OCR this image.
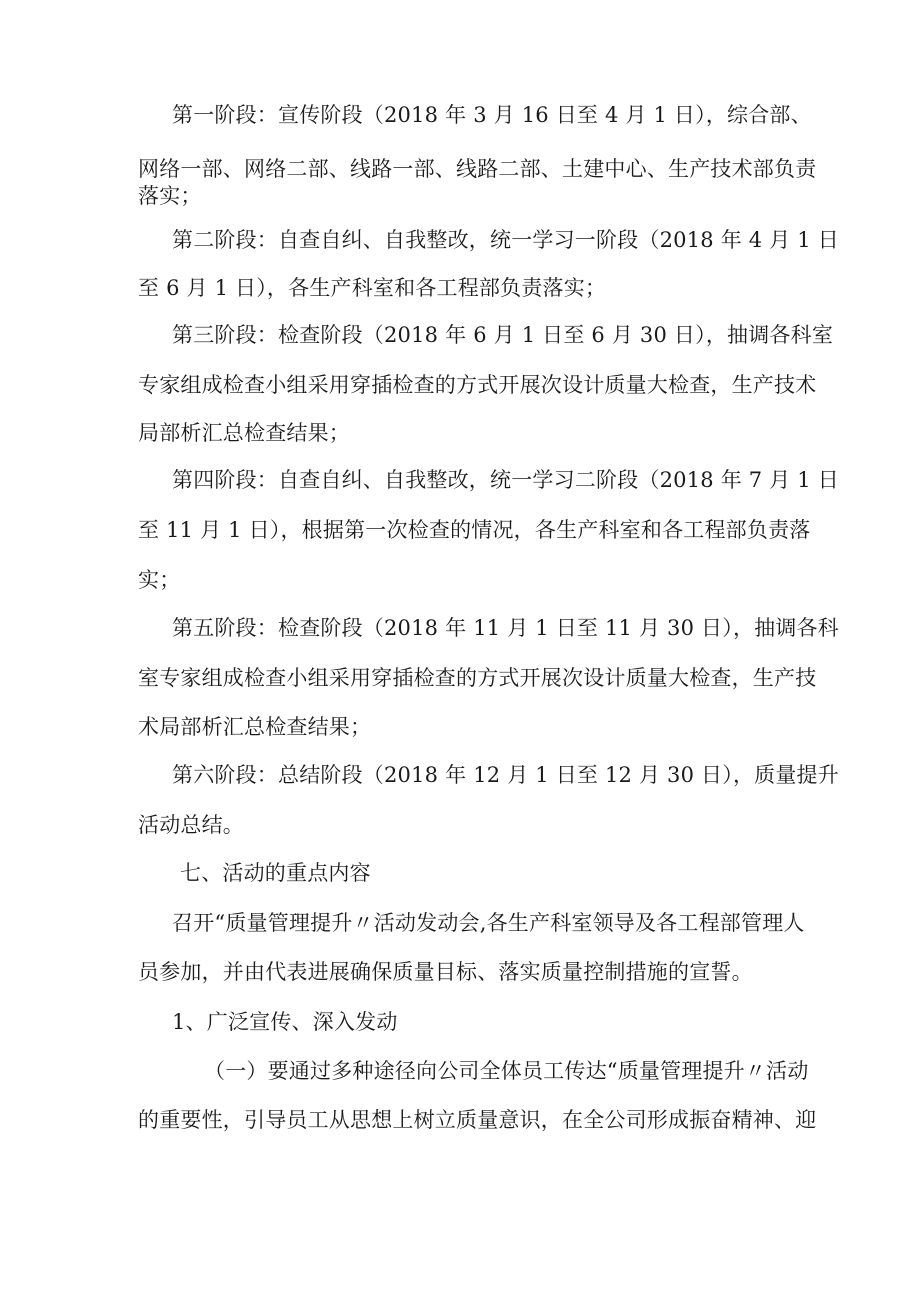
第一阶段：宣传阶段（2018 年 3 月 16 日至 4 月 1 日），综合部、
网络一部、网络二部、线路一部、线路二部、土建中心、生产技术部负责
落实；
第二阶段：自查自纠、自我整改，统一学习一阶段（2018 年 4 月 1 日
至 6 月 1 日），各生产科室和各工程部负责落实；
第三阶段：检查阶段（2018 年 6 月 1 日至 6 月 30 日），抽调各科室
专家组成检查小组采用穿插检查的方式开展次设计质量大检查，生产技术
局部析汇总检查结果；
第四阶段：自查自纠、自我整改，统一学习二阶段（2018 年 7 月 1 日
至 11 月 1 日），根据第一次检查的情况，各生产科室和各工程部负责落
实；
第五阶段：检查阶段（2018 年 11 月 1 日至 11 月 30 日），抽调各科
室专家组成检查小组采用穿插检查的方式开展次设计质量大检查，生产技
术局部析汇总检查结果；
第六阶段：总结阶段（2018 年 12 月 1 日至 12 月 30 日），质量提升
活动总结。
七、活动的重点内容
召开“质量管理提升〃活动发动会,各生产科室领导及各工程部管理人
员参加，并由代表进展确保质量目标、落实质量控制措施的宣誓。
1、广泛宣传、深入发动
（一）要通过多种途径向公司全体员工传达“质量管理提升〃活动
的重要性，引导员工从思想上树立质量意识，在全公司形成振奋精神、迎
